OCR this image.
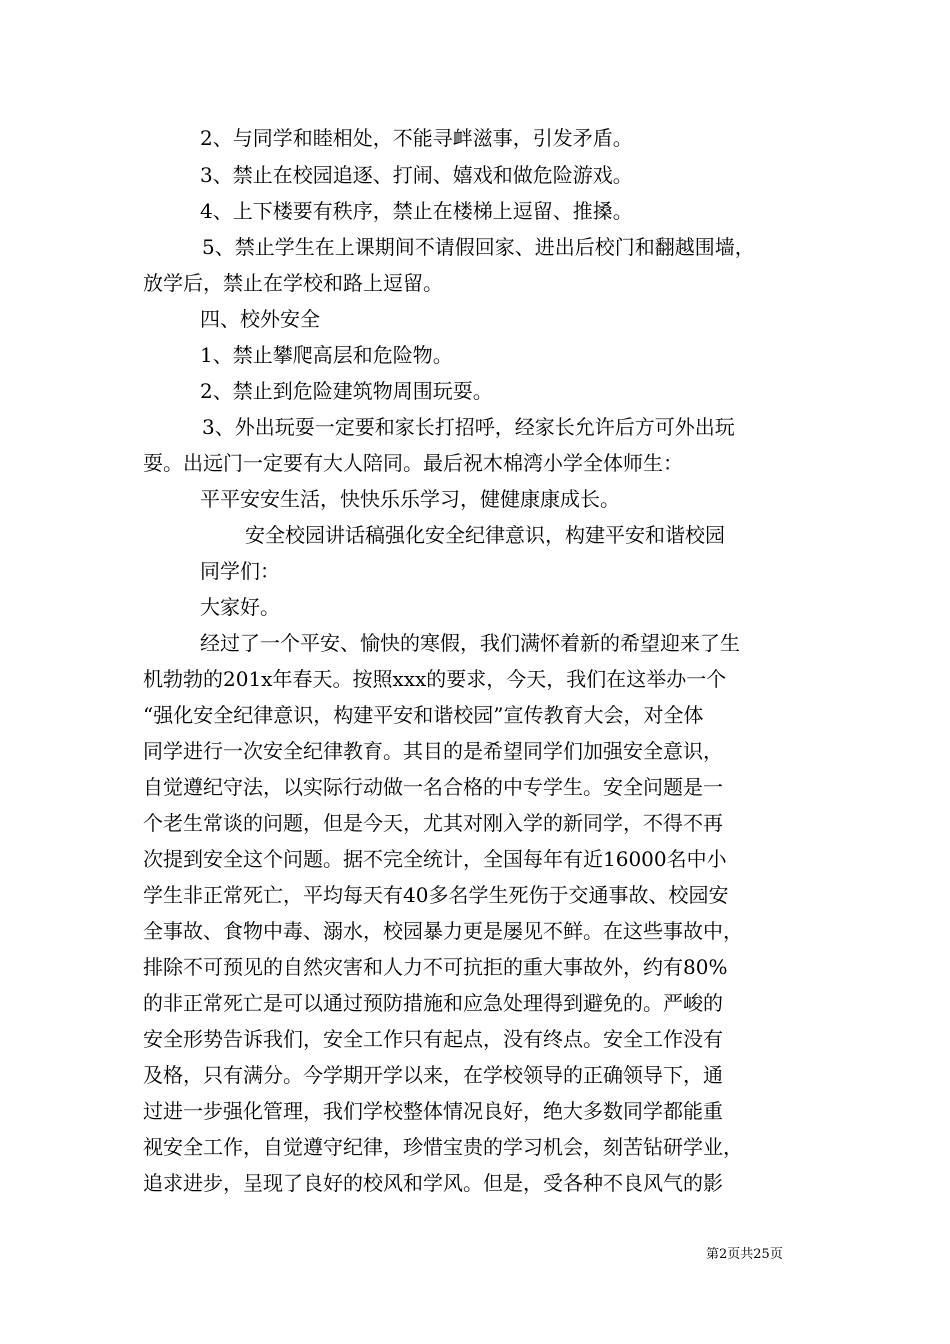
2、与同学和睦相处，不能寻衅滋事，引发矛盾。

3、禁止在校园追逐、打闹、嬉戏和做危险游戏。

4、上下楼要有秩序，禁止在楼梯上逗留、推搡。

5、禁止学生在上课期间不请假回家、进出后校门和翻越围墙，

放学后，禁止在学校和路上逗留。

四、校外安全

1、禁止攀爬高层和危险物。

2、禁止到危险建筑物周围玩耍。

3、外出玩耍一定要和家长打招呼，经家长允许后方可外出玩

耍。出远门一定要有大人陪同。最后祝木棉湾小学全体师生：

平平安安生活，快快乐乐学习，健健康康成长。

安全校园讲话稿强化安全纪律意识，构建平安和谐校园

同学们：

大家好。

经过了一个平安、愉快的寒假，我们满怀着新的希望迎来了生

机勃勃的201x年春天。按照xxx的要求，今天，我们在这举办一个

“强化安全纪律意识，构建平安和谐校园”宣传教育大会，对全体

同学进行一次安全纪律教育。其目的是希望同学们加强安全意识，

自觉遵纪守法，以实际行动做一名合格的中专学生。安全问题是一

个老生常谈的问题，但是今天，尤其对刚入学的新同学，不得不再

次提到安全这个问题。据不完全统计，全国每年有近16000名中小

学生非正常死亡，平均每天有40多名学生死伤于交通事故、校园安

全事故、食物中毒、溺水，校园暴力更是屡见不鲜。在这些事故中，

排除不可预见的自然灾害和人力不可抗拒的重大事故外，约有80%

的非正常死亡是可以通过预防措施和应急处理得到避免的。严峻的

安全形势告诉我们，安全工作只有起点，没有终点。安全工作没有

及格，只有满分。今学期开学以来，在学校领导的正确领导下，通

过进一步强化管理，我们学校整体情况良好，绝大多数同学都能重

视安全工作，自觉遵守纪律，珍惜宝贵的学习机会，刻苦钻研学业，

追求进步，呈现了良好的校风和学风。但是，受各种不良风气的影

第2页共25页
